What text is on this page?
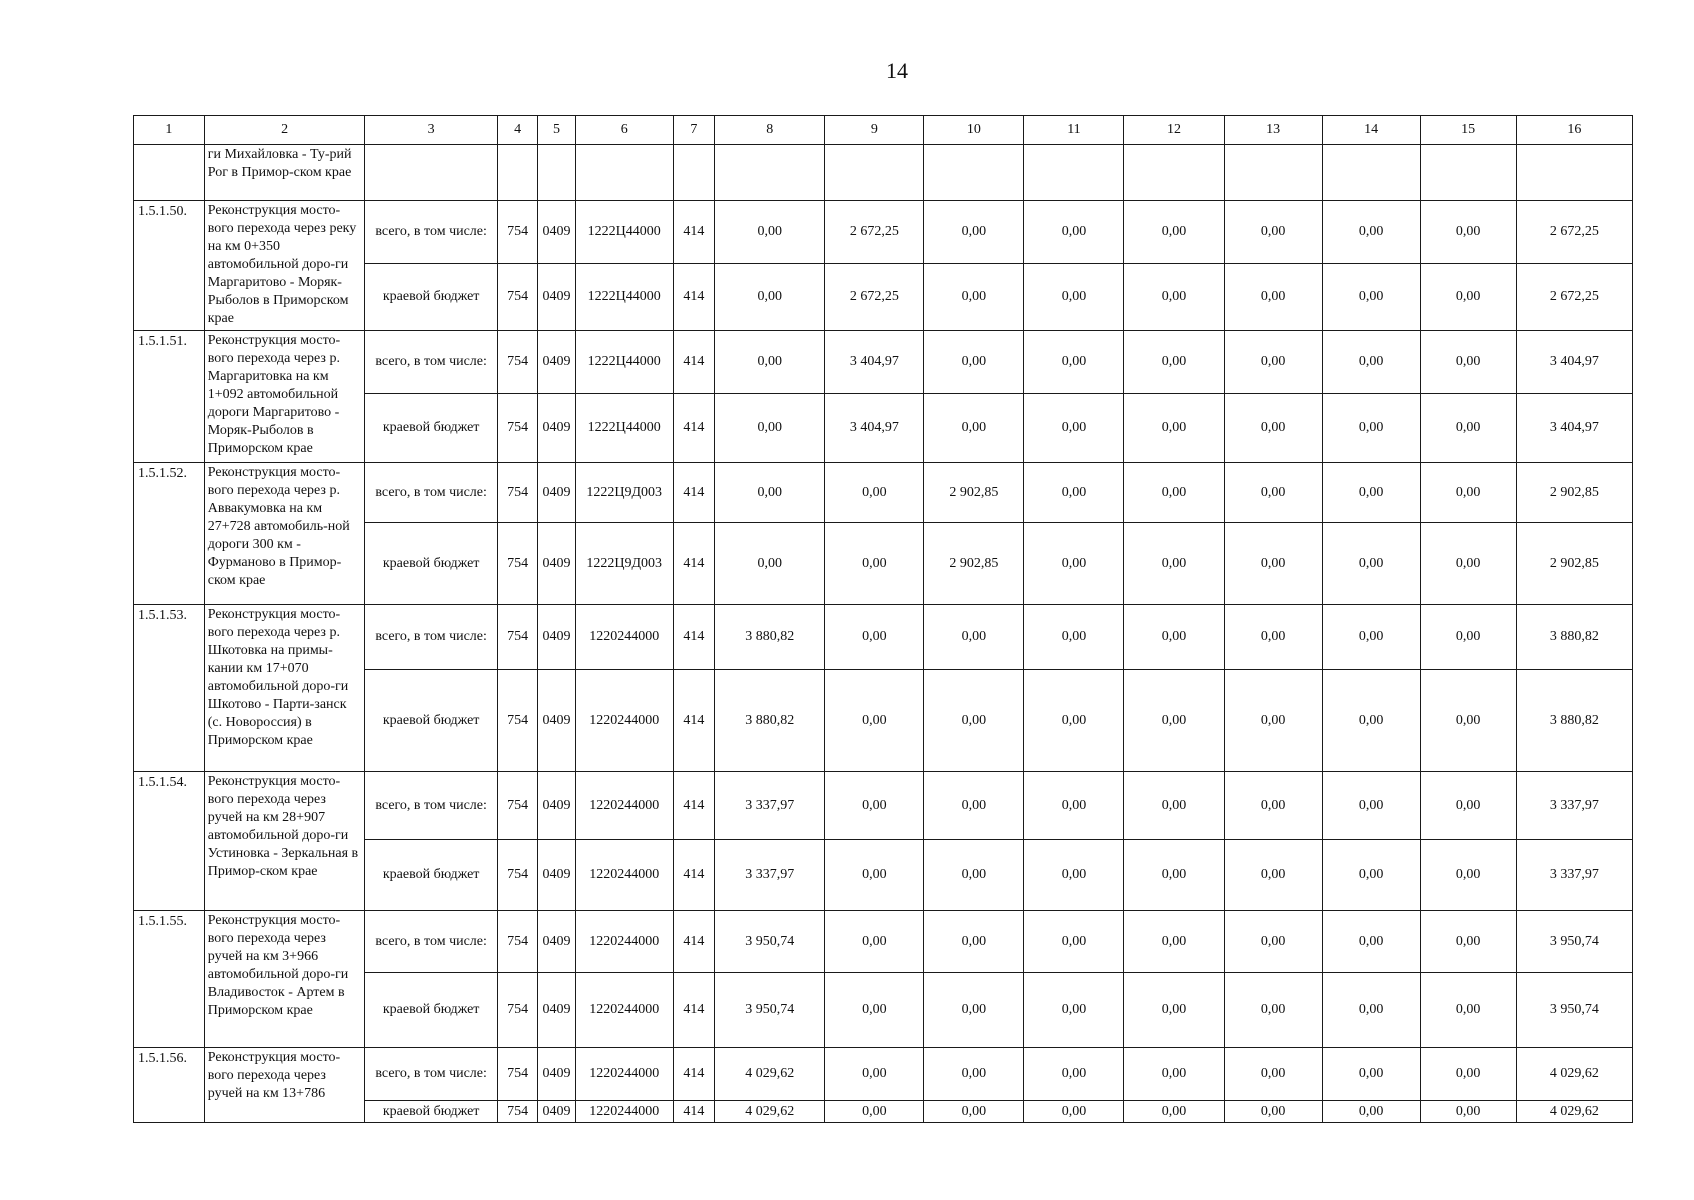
14
1	2	3	4	5	6	7	8	9	10	11	12	13	14	15	16
	ги Михайловка - Ту-рий Рог в Примор-ском крае														
1.5.1.50.	Реконструкция мосто-вого перехода через реку на км 0+350 автомобильной доро-ги Маргаритово - Моряк-Рыболов в Приморском крае	всего, в том числе:	754	0409	1222Ц44000	414	0,00	2 672,25	0,00	0,00	0,00	0,00	0,00	0,00	2 672,25
		краевой бюджет	754	0409	1222Ц44000	414	0,00	2 672,25	0,00	0,00	0,00	0,00	0,00	0,00	2 672,25
1.5.1.51.	Реконструкция мосто-вого перехода через р. Маргаритовка на км 1+092 автомобильной дороги Маргаритово - Моряк-Рыболов в Приморском крае	всего, в том числе:	754	0409	1222Ц44000	414	0,00	3 404,97	0,00	0,00	0,00	0,00	0,00	0,00	3 404,97
		краевой бюджет	754	0409	1222Ц44000	414	0,00	3 404,97	0,00	0,00	0,00	0,00	0,00	0,00	3 404,97
1.5.1.52.	Реконструкция мосто-вого перехода через р. Аввакумовка на км 27+728 автомобиль-ной дороги 300 км - Фурманово в Примор-ском крае	всего, в том числе:	754	0409	1222Ц9Д003	414	0,00	0,00	2 902,85	0,00	0,00	0,00	0,00	0,00	2 902,85
		краевой бюджет	754	0409	1222Ц9Д003	414	0,00	0,00	2 902,85	0,00	0,00	0,00	0,00	0,00	2 902,85
1.5.1.53.	Реконструкция мосто-вого перехода через р. Шкотовка на примы-кании км 17+070 автомобильной доро-ги Шкотово - Парти-занск (с. Новороссия) в Приморском крае	всего, в том числе:	754	0409	1220244000	414	3 880,82	0,00	0,00	0,00	0,00	0,00	0,00	0,00	3 880,82
		краевой бюджет	754	0409	1220244000	414	3 880,82	0,00	0,00	0,00	0,00	0,00	0,00	0,00	3 880,82
1.5.1.54.	Реконструкция мосто-вого перехода через ручей на км 28+907 автомобильной доро-ги Устиновка - Зеркальная в Примор-ском крае	всего, в том числе:	754	0409	1220244000	414	3 337,97	0,00	0,00	0,00	0,00	0,00	0,00	0,00	3 337,97
		краевой бюджет	754	0409	1220244000	414	3 337,97	0,00	0,00	0,00	0,00	0,00	0,00	0,00	3 337,97
1.5.1.55.	Реконструкция мосто-вого перехода через ручей на км 3+966 автомобильной доро-ги Владивосток - Артем в Приморском крае	всего, в том числе:	754	0409	1220244000	414	3 950,74	0,00	0,00	0,00	0,00	0,00	0,00	0,00	3 950,74
		краевой бюджет	754	0409	1220244000	414	3 950,74	0,00	0,00	0,00	0,00	0,00	0,00	0,00	3 950,74
1.5.1.56.	Реконструкция мосто-вого перехода через ручей на км 13+786	всего, в том числе:	754	0409	1220244000	414	4 029,62	0,00	0,00	0,00	0,00	0,00	0,00	0,00	4 029,62
		краевой бюджет	754	0409	1220244000	414	4 029,62	0,00	0,00	0,00	0,00	0,00	0,00	0,00	4 029,62
